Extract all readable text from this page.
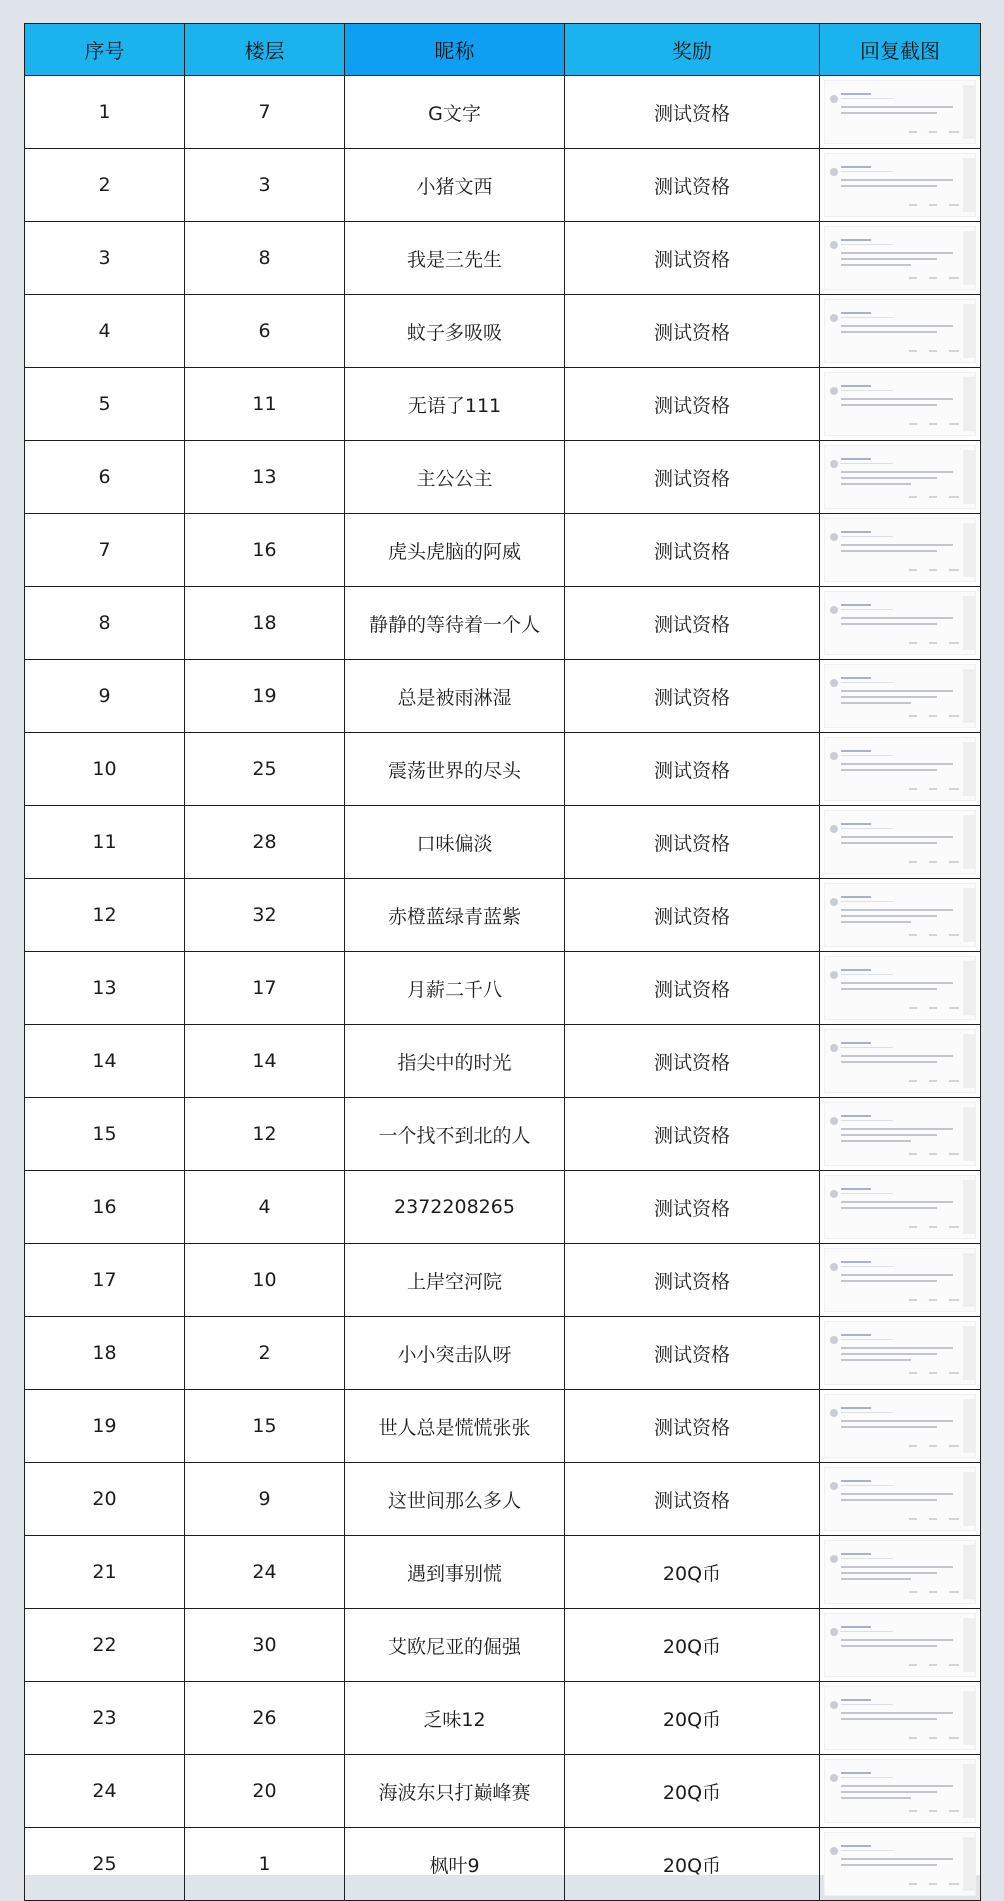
序号	楼层	昵称	奖励	回复截图
1	7	G文字	测试资格	

2	3	小猪文西	测试资格	

3	8	我是三先生	测试资格	

4	6	蚊子多吸吸	测试资格	

5	11	无语了111	测试资格	

6	13	主公公主	测试资格	

7	16	虎头虎脑的阿威	测试资格	

8	18	静静的等待着一个人	测试资格	

9	19	总是被雨淋湿	测试资格	

10	25	震荡世界的尽头	测试资格	

11	28	口味偏淡	测试资格	

12	32	赤橙蓝绿青蓝紫	测试资格	

13	17	月薪二千八	测试资格	

14	14	指尖中的时光	测试资格	

15	12	一个找不到北的人	测试资格	

16	4	2372208265	测试资格	

17	10	上岸空河院	测试资格	

18	2	小小突击队呀	测试资格	

19	15	世人总是慌慌张张	测试资格	

20	9	这世间那么多人	测试资格	

21	24	遇到事别慌	20Q币	

22	30	艾欧尼亚的倔强	20Q币	

23	26	乏味12	20Q币	

24	20	海波东只打巅峰赛	20Q币	

25	1	枫叶9	20Q币	
